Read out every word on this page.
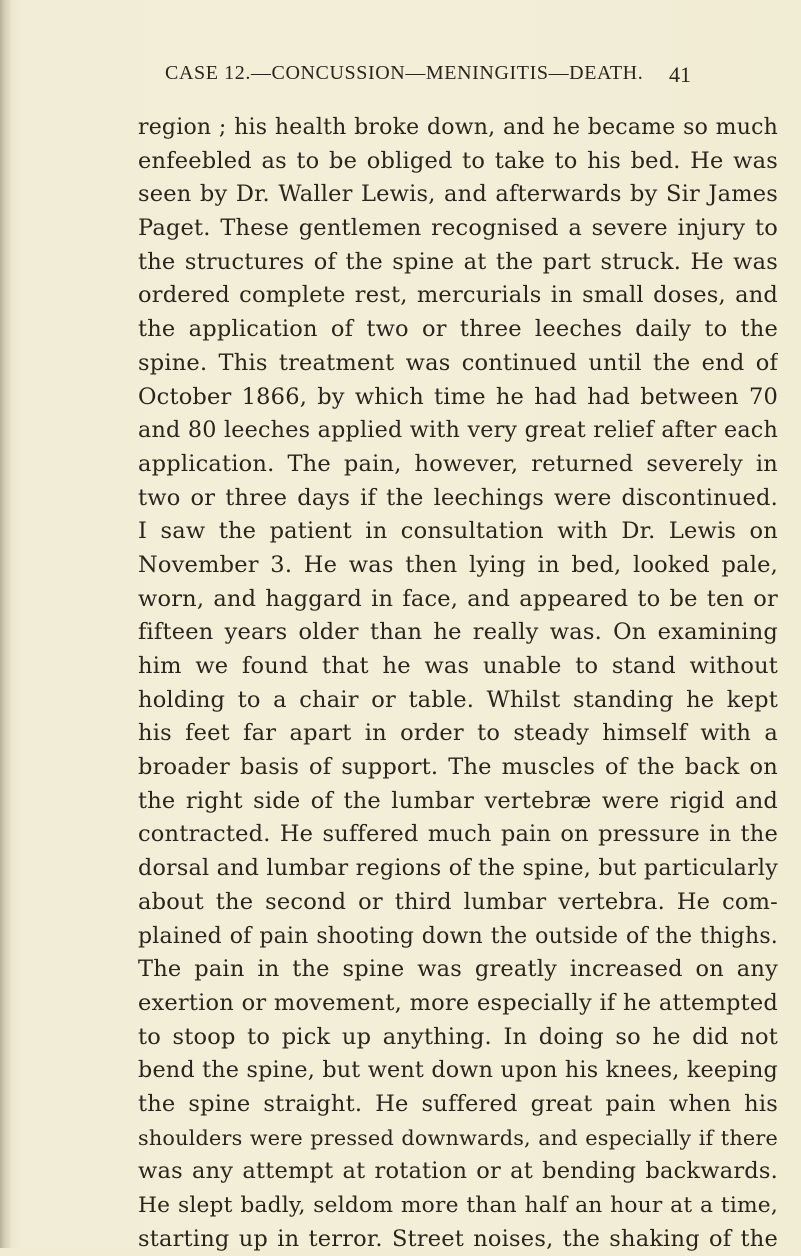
CASE 12.—CONCUSSION—MENINGITIS—DEATH. 41
region ; his health broke down, and he became so much
enfeebled as to be obliged to take to his bed. He was
seen by Dr. Waller Lewis, and afterwards by Sir James
Paget. These gentlemen recognised a severe injury to
the structures of the spine at the part struck. He was
ordered complete rest, mercurials in small doses, and
the application of two or three leeches daily to the
spine. This treatment was continued until the end of
October 1866, by which time he had had between 70
and 80 leeches applied with very great relief after each
application. The pain, however, returned severely in
two or three days if the leechings were discontinued.
I saw the patient in consultation with Dr. Lewis on
November 3. He was then lying in bed, looked pale,
worn, and haggard in face, and appeared to be ten or
fifteen years older than he really was. On examining
him we found that he was unable to stand without
holding to a chair or table. Whilst standing he kept
his feet far apart in order to steady himself with a
broader basis of support. The muscles of the back on
the right side of the lumbar vertebræ were rigid and
contracted. He suffered much pain on pressure in the
dorsal and lumbar regions of the spine, but particularly
about the second or third lumbar vertebra. He com-
plained of pain shooting down the outside of the thighs.
The pain in the spine was greatly increased on any
exertion or movement, more especially if he attempted
to stoop to pick up anything. In doing so he did not
bend the spine, but went down upon his knees, keeping
the spine straight. He suffered great pain when his
shoulders were pressed downwards, and especially if there
was any attempt at rotation or at bending backwards.
He slept badly, seldom more than half an hour at a time,
starting up in terror. Street noises, the shaking of the
